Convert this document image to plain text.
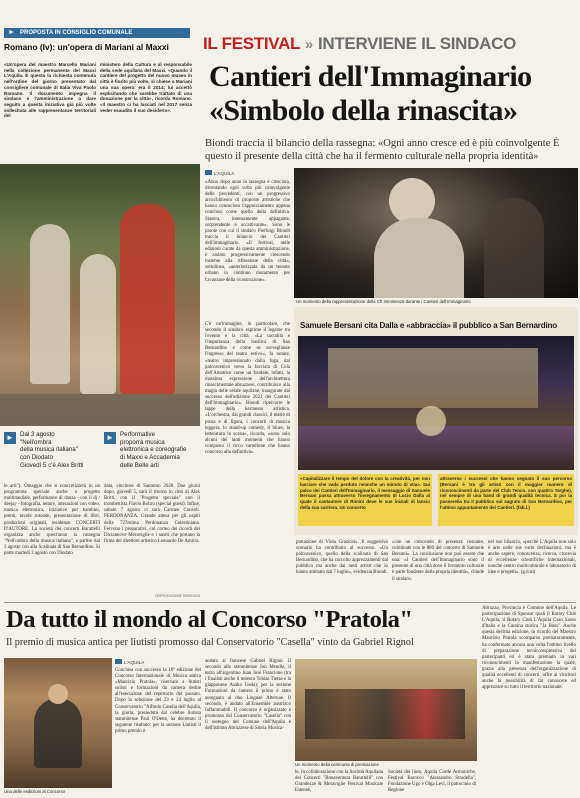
► PROPOSTA IN CONSIGLIO COMUNALE
Romano (Iv): un'opera di Mariani al Maxxi
«Un'opera del maestro Marcello Mariani nella collezione permanente del Maxxi L'Aquila. È questa la richiesta contenuta nell'ordine del giorno presentato dal consigliere comunale di Italia Viva Paolo Romano. Il documento impegna il sindaco e l'amministrazione a dare seguito a questa iniziativa già più volte sollecitata alle rappresentanze territoriali del
ministero della Cultura e al responsabile della sede aquilana del Maxxi. «Quando il cantiere del progetto del nuovo museo in città è fiorito più volte, sì chiese a Mariani una sua opera: era il 2014; lui accettò esplicitando che sarebbe trattato di una donazione per la città», ricorda Romano. «Il maestro ci ha lasciati nel 2017 senza veder esaudito il suo desiderio».
IL FESTIVAL » INTERVIENE IL SINDACO
Cantieri dell'Immaginario
«Simbolo della rinascita»
Biondi traccia il bilancio della rassegna: «Ogni anno cresce ed è più coinvolgente È questo il presente della città che ha il fermento culturale nella propria identità»
L'AQUILA
«Anno dopo anno la rassegna è cresciuta, diventando ogni volta più coinvolgente delle precedenti, con un progressivo arricchimento di proposte artistiche che hanno conosciuto l'apprezzamento appena concluso come quello della definitiva. Stasera, intensamente appagante, sorprendente e accattivante». Sono le parole con cui il sindaco Pierluigi Biondi traccia il bilancio dei Cantieri dell'Immaginario. «Il festival, nelle edizioni curate da questa amministrazione, è andato progressivamente crescendo insieme alla riflessione della città», sottolinea, «anteriorizzata da un tessuto urbano in continuo mutamento per l'avanzare della ricostruzione».
C'è un'immagine, in particolare, che secondo il sindaco esprime il legame tra l'evento e la città. «La sacralità e l'importanza della basilica di San Bernardino e come se sorvegliasse l'ingresso del teatro estivo», fa notare, «teatro impressionato dalla fuga, dal palcoscenico verso la facciata di Cola dell'Amatrice come un fondale, infatti, la massima espressione dell'architettura rinascimentale abruzzese, contribuisce alla magia delle serate aquilane, inaugurate dal successo dell'edizione 2021 dei Cantieri dell'Immaginario». Biondi ripercorre le tappe della kermesse artistica, «L'orchestra, dai grandi classici, il teatro di prosa e di figura, i concerti di musica leggera, lo stand-up comedy, il blues, la letteratura in scena», ricorda, «sono solo alcuni dei tanti momenti che hanno composto il ricco cartellone che hanno concorso alla definitiva».
Un momento della rappresentazione della Cfr imminenza durante i Cantieri dell'Immaginario
Samuele Bersani cita Dalla e «abbraccia» il pubblico a San Bernardino
«Capitalizzare il tempo del dolore con la creatività, per non lasciare che vada perduto neanche un minuto di vita». Sui palco dei Cantieri dell'Immaginario, il messaggio di Samuele Bersani passa attraverso l'insegnamento di Lucio Dalla al quale il cantautore di Rimini deve le sue iniziali di lancio della sua carriera. Un concerto
attraverso i successi che hanno segnato il suo percorso (Bersani è tra gli artisti con il maggior numero di riconoscimenti da parte del Club Tenco, con quattro Targhe), nel sempre di una band di grandi qualità tecnica. E poi la passerella tra il pubblico sul sagrato di San Bernardino, per l'ultimo appuntamento dei Cantieri. (fab.l.)
► Dal 3 agosto
"Nell'ombra
della musica italiana"
con Diodato
Giovedì 5 c'è Alex Britti
► Performative
proporrà musica
elettronica e coreografie
di Maxxi e Accademia
delle Belle arti
le arti"). Omaggio che si concretizzerà in un programma speciale anche a progetto multimediale, performance di danza - con il dj / deejay - fotografia, letture, interazioni con video, musica elettronica, iniziative per bambini, premi, tavole rotonde, presentazione di libri, produzioni originali, residenze. CONCERTI D'AUTORE. La società dei concerti Barattelli organizza anche quest'anno la rassegna "Nell'ombra della musica italiana", a partire dal 3 agosto con alla Scalinata di San Bernardino. Si parte martedì 3 agosto con Diodato
data, vincitore di Sanremo 2020. Due giorni dopo, giovedì 5, sarà il ritorno in città di Alex Britti, con il "Progetto speciale" con il trombettista Flavio Boltro (special guest). Infine, sabato 7 agosto ci sarà Carmen Consoli. PERDONANZA. Grande attesa per gli ospiti della 727esima Perdonanza Celestiniana. Fervono i preparativi, col corteo dei ricordi dei Diciannove Meraviglie e i nastri che portano la firma del direttore artistico Leonardo De Amicis.
CRIPRODUZIONE RISERVATA
pretazione di Viola Graziosi». Il suggestivo scenario ha contribuito al successo. «Un palcoscenico, quello della scalinata di San Bernardino, che ha raccolto apprezzamenti dal pubblico ma anche dai tanti artisti che lo hanno animato dal 7 luglio», evidenzia Biondi.
«con un crescendo di presenze costante, culminate con le 880 del concerto di Samuele Bersani». La conclusione non può essere che una: «I Cantieri dell'Immaginario sono il presente di una città dove il fermento culturale è parte fondante della propria identità», chiude il sindaco.
nel suo bilancio, «perché L'Aquila non solo è arte nelle sue varie declinazioni, ma è anche sapere, conoscenza, ricerca, crocevia di eccellenze scientifiche internazionali, nonché centro multiculturale e laboratorio di idee e progetti». (g.d.m)
Da tutto il mondo al Concorso "Pratola"
Il premio di musica antica per liutisti promosso dal Conservatorio "Casella" vinto da Gabriel Rignol
Una delle esibizioni al Concorso
L'AQUILA
Conclusa con successo la 10ª edizione del Concorso Internazionale di Musica antica «Maurizio Pratola», riservato a liutisti solisti e formazioni da camera dedite all'esecuzione del repertorio del passato. Dopo la selezione del 23 e 24 luglio al Conservatorio "Alfredo Casella dell'Aquila, la giuria, presieduta dal celebre liutista statunitense Paul O'Dette, ha decretato il seguente risultato: per la sezione Liutisti il primo premio è
andato al francese Gabriel Rignol. Il secondo allo statunitense Jon Mendle, il terzo all'argentino Juan José Francione (tra i finalisti anche il tedesco Tobias Tietze e la giapponese Asako Ueda); per la sezione Formazioni da camera il primo è stato assegnato al duo Linguae Alternae. Il secondo, è andato all'Ensemble austriaco Inflammabili. Il concorso è organizzato e promosso dal Conservatorio "Casella" con il sostegno del Comune dell'Aquila e dell'Istituto Abruzzese di Storia Musica-
Un momento della cerimonia di premiazione
le, in collaborazione con la Società Aquilana dei Concerti "Bonaventura Barattelli" con Grandezze & Meraviglie Festival Musicale Estense,
Società dei liuto, Aquila Corde Armoniche, Festival Barocco "Alessandro Stradella", Fondazione Ugo e Olga Levi, il patrocinio di Regione
Abruzzo, Provincia e Comune dell'Aquila. Le partecipazione di Sponsor quali il Rotary Club L'Aquila, il Rotary Club L'Aquila Gran Sasso d'Italia e la Cantina storica "Ja Boss". Anche questa decima edizione, in ricordo del Maestro Maurizio Pratola scomparso prematuramente, ha confermato ancora una volta l'ottimo livello di preparazione tecnico/espressiva dei partecipanti ed è stato premiato in vari riconoscimenti la manifestazione la quale, grazie alla presenza dell'organizzazione di qualità eccellenti di concerti, offre ai vincitori anche la possibilità di far conoscere ed apprezzare su tutto il territorio nazionale.
